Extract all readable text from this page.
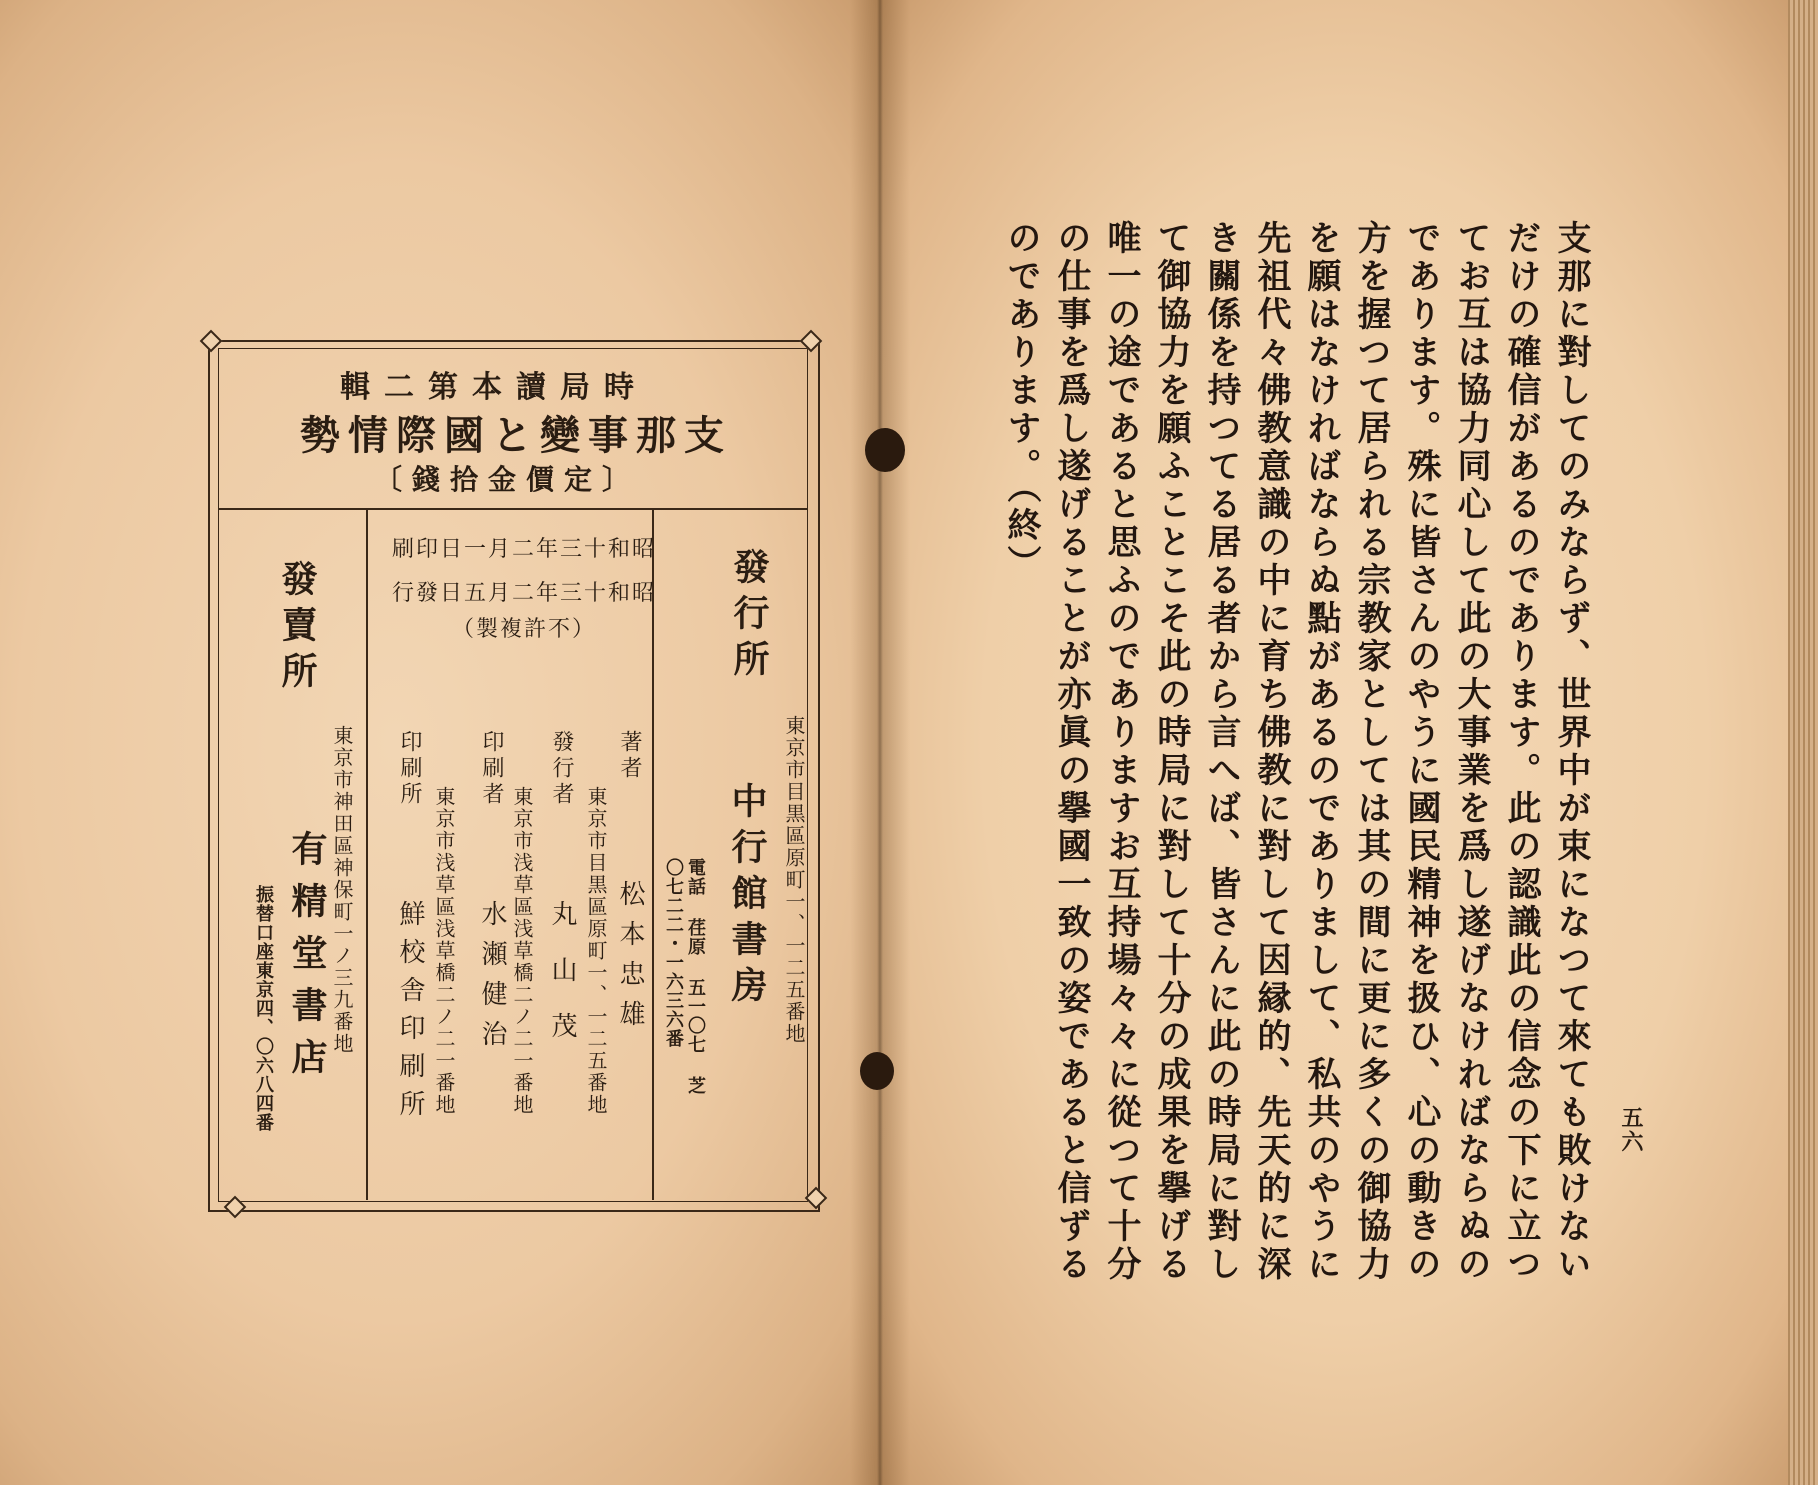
時局讀本第二輯
支那事變と國際情勢
〔定價金拾錢〕
昭和十三年二月一日印刷
昭和十三年二月五日發行
（不許複製）	發行所
東京市目黒區原町一、一二五番地
中行館書房
電話 荏原 五一〇七 芝
〇七二二・一六三六番
著者
松本忠雄
東京市目黒區原町一、一二五番地
發行者
丸山茂
東京市浅草區浅草橋二ノ二一番地
印刷者
水瀬健治
東京市浅草區浅草橋二ノ二一番地
印刷所
鮮校舎印刷所
發賣所
東京市神田區神保町一ノ三九番地
有精堂書店
振替口座東京四、〇六八四番	支那に對してのみならず、世界中が束になつて來ても敗けないだけの確信があるのであります。此の認識此の信念の下に立つてお互は協力同心して此の大事業を爲し遂げなければならぬのであります。殊に皆さんのやうに國民精神を扱ひ、心の動きの方を握つて居られる宗教家としては其の間に更に多くの御協力を願はなければならぬ點があるのでありまして、私共のやうに先祖代々佛教意識の中に育ち佛教に對して因縁的、先天的に深き關係を持つてる居る者から言へば、皆さんに此の時局に對して御協力を願ふことこそ此の時局に對して十分の成果を擧げる唯一の途であると思ふのでありますお互持場々々に從つて十分の仕事を爲し遂げることが亦眞の擧國一致の姿であると信ずるのであります。（終）
五六
